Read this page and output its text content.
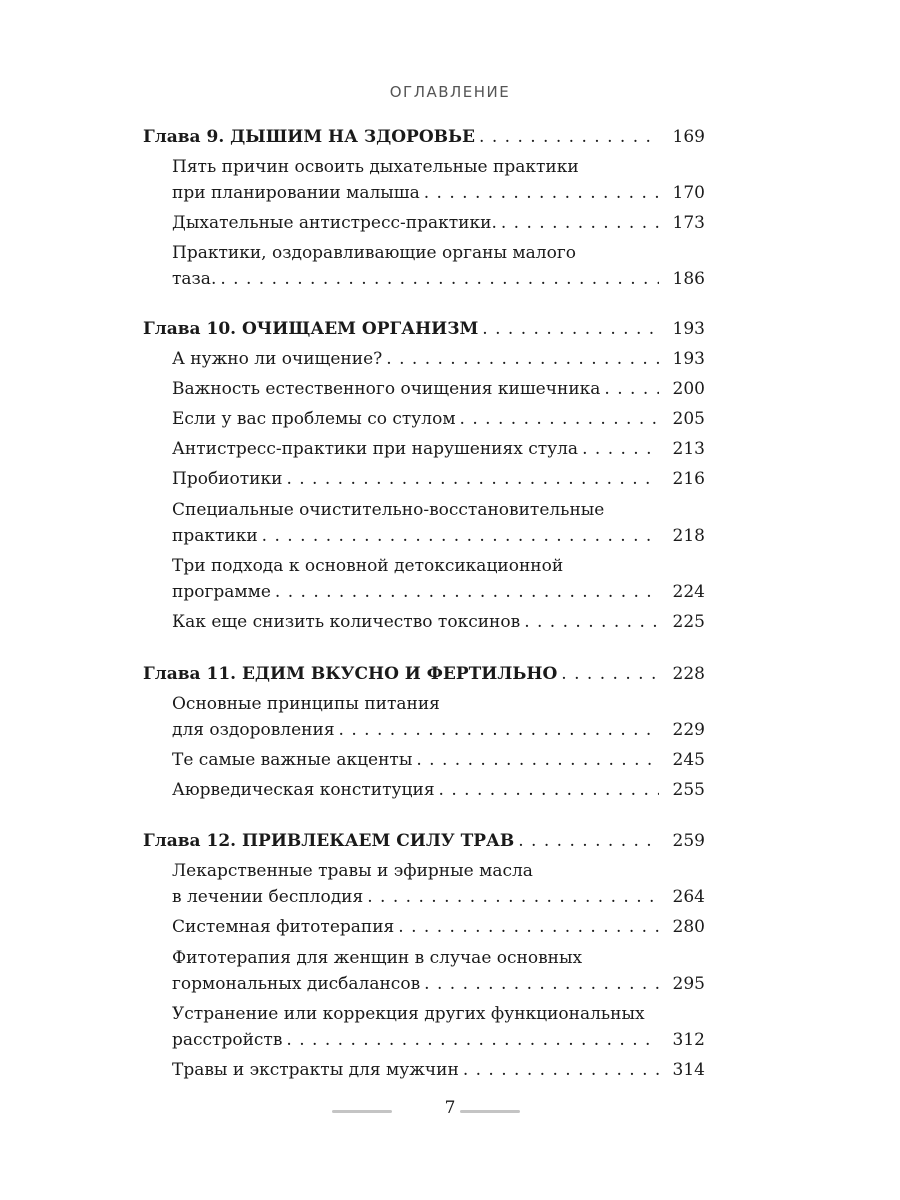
ОГЛАВЛЕНИЕ
Глава 9. ДЫШИМ НА ЗДОРОВЬЕ . . .	169
Пять причин освоить дыхательные практики
при планировании малыша . . .	170
Дыхательные антистресс-практики. . . .	173
Практики, оздоравливающие органы малого
таза. . . .	186
Глава 10. ОЧИЩАЕМ ОРГАНИЗМ . . .	193
А нужно ли очищение? . . .	193
Важность естественного очищения кишечника . . .	200
Если у вас проблемы со стулом . . .	205
Антистресс-практики при нарушениях стула . . .	213
Пробиотики . . .	216
Специальные очистительно-восстановительные
практики . . .	218
Три подхода к основной детоксикационной
программе . . .	224
Как еще снизить количество токсинов . . .	225
Глава 11. ЕДИМ ВКУСНО И ФЕРТИЛЬНО . . .	228
Основные принципы питания
для оздоровления . . .	229
Те самые важные акценты . . .	245
Аюрведическая конституция . . .	255
Глава 12. ПРИВЛЕКАЕМ СИЛУ ТРАВ . . .	259
Лекарственные травы и эфирные масла
в лечении бесплодия . . .	264
Системная фитотерапия . . .	280
Фитотерапия для женщин в случае основных
гормональных дисбалансов . . .	295
Устранение или коррекция других функциональных
расстройств . . .	312
Травы и экстракты для мужчин . . .	314
7
